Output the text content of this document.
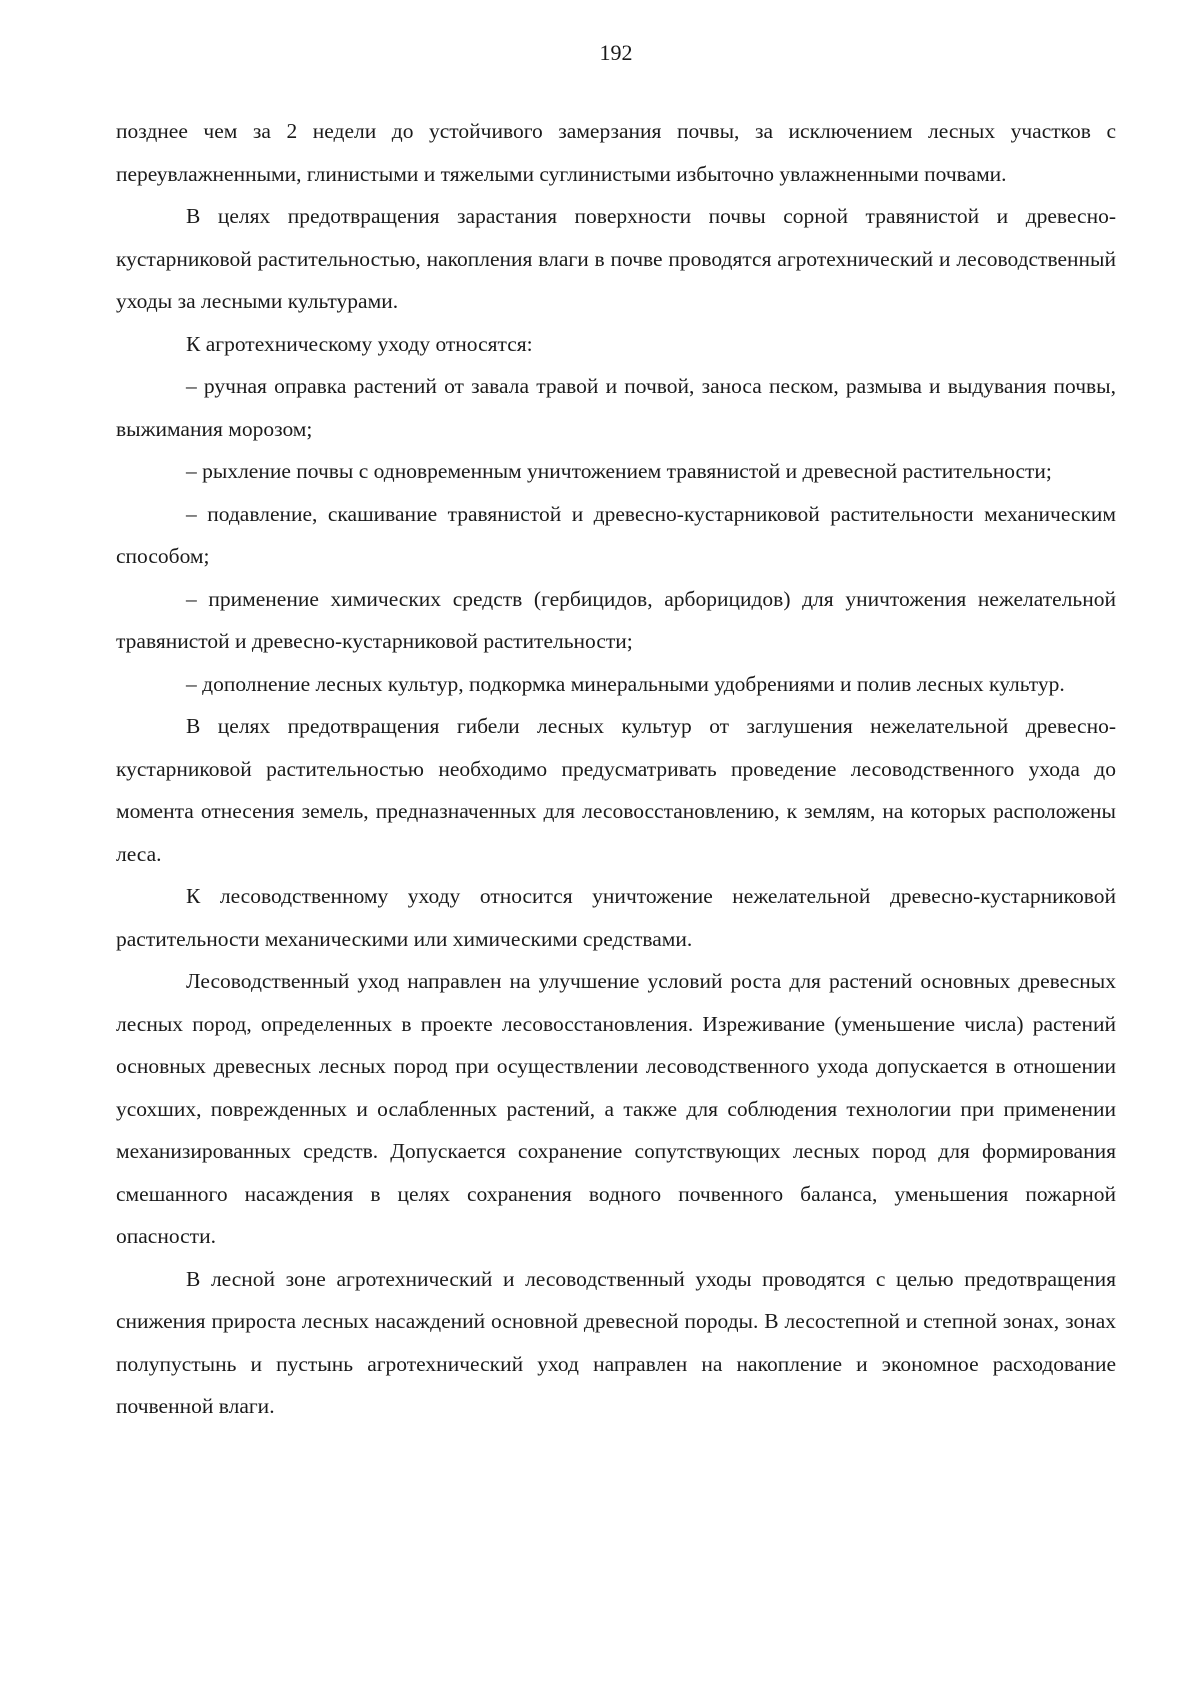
192

позднее чем за 2 недели до устойчивого замерзания почвы, за исключением лесных участков с переувлажненными, глинистыми и тяжелыми суглинистыми избыточно увлажненными почвами.

В целях предотвращения зарастания поверхности почвы сорной травянистой и древесно-кустарниковой растительностью, накопления влаги в почве проводятся агротехнический и лесоводственный уходы за лесными культурами.

К агротехническому уходу относятся:

– ручная оправка растений от завала травой и почвой, заноса песком, размыва и выдувания почвы, выжимания морозом;

– рыхление почвы с одновременным уничтожением травянистой и древесной растительности;

– подавление, скашивание травянистой и древесно-кустарниковой растительности механическим способом;

– применение химических средств (гербицидов, арборицидов) для уничтожения нежелательной травянистой и древесно-кустарниковой растительности;

– дополнение лесных культур, подкормка минеральными удобрениями и полив лесных культур.

В целях предотвращения гибели лесных культур от заглушения нежелательной древесно-кустарниковой растительностью необходимо предусматривать проведение лесоводственного ухода до момента отнесения земель, предназначенных для лесовосстановлению, к землям, на которых расположены леса.

К лесоводственному уходу относится уничтожение нежелательной древесно-кустарниковой растительности механическими или химическими средствами.

Лесоводственный уход направлен на улучшение условий роста для растений основных древесных лесных пород, определенных в проекте лесовосстановления. Изреживание (уменьшение числа) растений основных древесных лесных пород при осуществлении лесоводственного ухода допускается в отношении усохших, поврежденных и ослабленных растений, а также для соблюдения технологии при применении механизированных средств. Допускается сохранение сопутствующих лесных пород для формирования смешанного насаждения в целях сохранения водного почвенного баланса, уменьшения пожарной опасности.

В лесной зоне агротехнический и лесоводственный уходы проводятся с целью предотвращения снижения прироста лесных насаждений основной древесной породы. В лесостепной и степной зонах, зонах полупустынь и пустынь агротехнический уход направлен на накопление и экономное расходование почвенной влаги.
